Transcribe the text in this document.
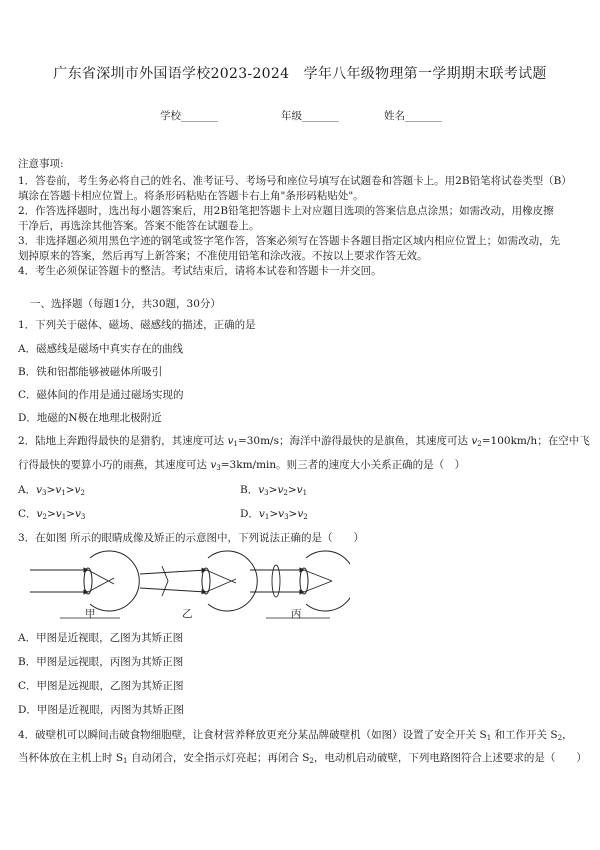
广东省深圳市外国语学校2023-2024　学年八年级物理第一学期期末联考试题
学校_______	年级_______	姓名_______
注意事项:
1．答卷前，考生务必将自己的姓名、准考证号、考场号和座位号填写在试题卷和答题卡上。用2B铅笔将试卷类型（B）
填涂在答题卡相应位置上。将条形码粘贴在答题卡右上角"条形码粘贴处"。
2．作答选择题时，选出每小题答案后，用2B铅笔把答题卡上对应题目选项的答案信息点涂黑；如需改动，用橡皮擦
干净后，再选涂其他答案。答案不能答在试题卷上。
3．非选择题必须用黑色字迹的钢笔或签字笔作答，答案必须写在答题卡各题目指定区域内相应位置上；如需改动，先
划掉原来的答案，然后再写上新答案；不准使用铅笔和涂改液。不按以上要求作答无效。
4．考生必须保证答题卡的整洁。考试结束后，请将本试卷和答题卡一并交回。
一、选择题（每题1分，共30题，30分）
1．下列关于磁体、磁场、磁感线的描述，正确的是
A．磁感线是磁场中真实存在的曲线
B．铁和铝都能够被磁体所吸引
C．磁体间的作用是通过磁场实现的
D．地磁的N极在地理北极附近
2．陆地上奔跑得最快的是猎豹，其速度可达 $v_1=30m/s$；海洋中游得最快的是旗鱼，其速度可达 $v_2=100km/h$；在空中飞
行得最快的要算小巧的雨燕，其速度可达 $v_3=3km/\min$。则三者的速度大小关系正确的是（　）
A．$v_3>v_1>v_2$	B．$v_3>v_2>v_1$
C．$v_2>v_1>v_3$	D．$v_1>v_3>v_2$
3．在如图 所示的眼睛成像及矫正的示意图中，下列说法正确的是（　　）
甲	乙	丙
A．甲图是近视眼，乙图为其矫正图
B．甲图是远视眼，丙图为其矫正图
C．甲图是远视眼，乙图为其矫正图
D．甲图是近视眼，丙图为其矫正图
4．破壁机可以瞬间击破食物细胞壁，让食材营养释放更充分某品牌破壁机（如图）设置了安全开关 $S_1$ 和工作开关 $S_2$，
当杯体放在主机上时 $S_1$ 自动闭合，安全指示灯亮起；再闭合 $S_2$，电动机启动破壁，下列电路图符合上述要求的是（　　）
